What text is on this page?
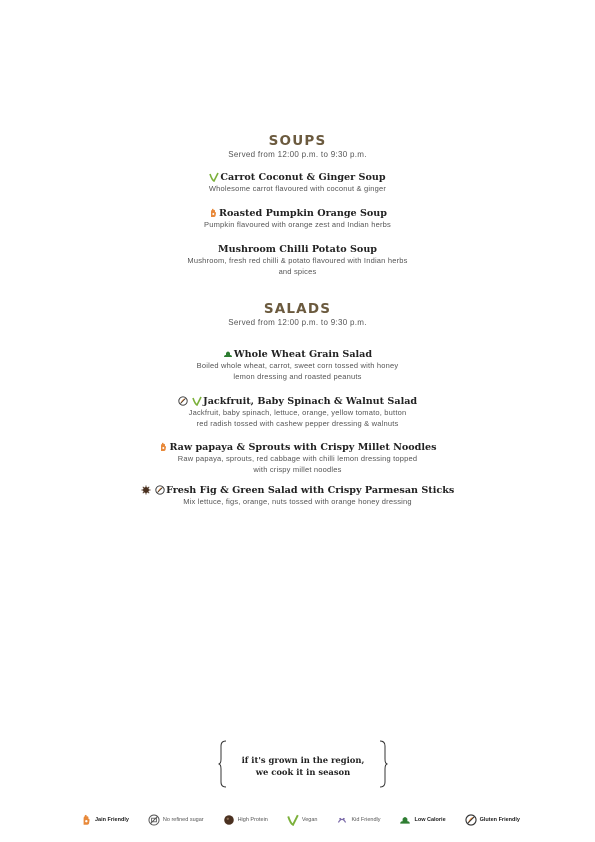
SOUPS
Served from 12:00 p.m. to 9:30 p.m.
Carrot Coconut & Ginger Soup
Wholesome carrot flavoured with coconut & ginger
Roasted Pumpkin Orange Soup
Pumpkin flavoured with orange zest and Indian herbs
Mushroom Chilli Potato Soup
Mushroom, fresh red chilli & potato flavoured with Indian herbs
and spices
SALADS
Served from 12:00 p.m. to 9:30 p.m.
Whole Wheat Grain Salad
Boiled whole wheat, carrot, sweet corn tossed with honey
lemon dressing and roasted peanuts

Jackfruit, Baby Spinach & Walnut Salad
Jackfruit, baby spinach, lettuce, orange, yellow tomato, button
red radish tossed with cashew pepper dressing & walnuts
Raw papaya & Sprouts with Crispy Millet Noodles
Raw papaya, sprouts, red cabbage with chilli lemon dressing topped
with crispy millet noodles

Fresh Fig & Green Salad with Crispy Parmesan Sticks
Mix lettuce, figs, orange, nuts tossed with orange honey dressing
if it's grown in the region,
we cook it in season
Jain Friendly	No refined sugar	High Protein	Vegan	Kid Friendly	Low Calorie	Gluten Friendly
